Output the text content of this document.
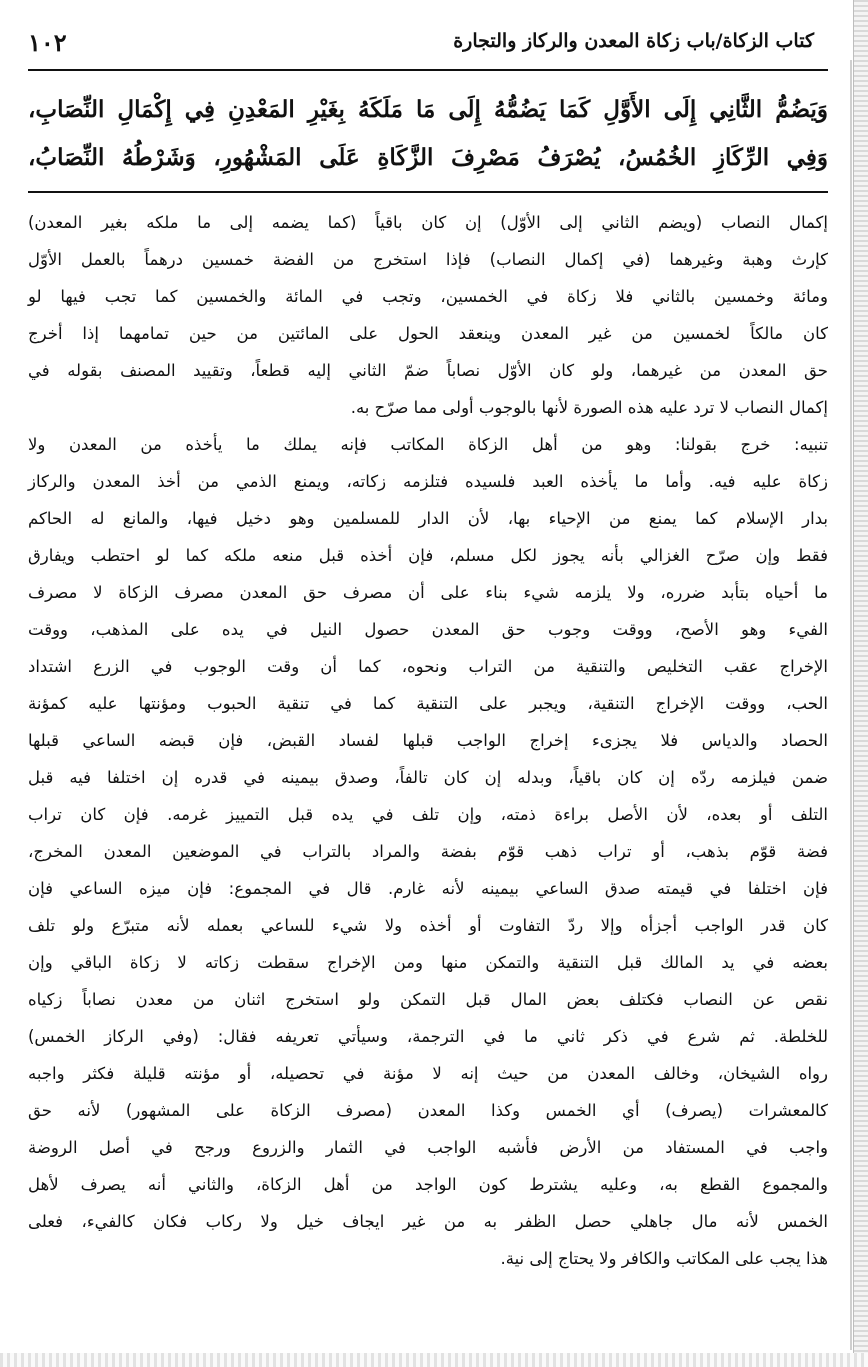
كتاب الزكاة/باب زكاة المعدن والركاز والتجارة
١٠٢
وَيَضُمُّ الثَّانِي إِلَى الأَوَّلِ كَمَا يَضُمُّهُ إِلَى مَا مَلَكَهُ بِغَيْرِ المَعْدِنِ فِي إِكْمَالِ النِّصَابِ،
وَفِي الرِّكَازِ الخُمُسُ، يُصْرَفُ مَصْرِفَ الزَّكَاةِ عَلَى المَشْهُورِ، وَشَرْطُهُ النِّصَابُ،
إكمال النصاب (ويضم الثاني إلى الأوّل) إن كان باقياً (كما يضمه إلى ما ملكه بغير المعدن)
كإرث وهبة وغيرهما (في إكمال النصاب) فإذا استخرج من الفضة خمسين درهماً بالعمل الأوّل
ومائة وخمسين بالثاني فلا زكاة في الخمسين، وتجب في المائة والخمسين كما تجب فيها لو
كان مالكاً لخمسين من غير المعدن وينعقد الحول على المائتين من حين تمامهما إذا أخرج
حق المعدن من غيرهما، ولو كان الأوّل نصاباً ضمّ الثاني إليه قطعاً، وتقييد المصنف بقوله في
إكمال النصاب لا ترد عليه هذه الصورة لأنها بالوجوب أولى مما صرّح به.
تنبيه: خرج بقولنا: وهو من أهل الزكاة المكاتب فإنه يملك ما يأخذه من المعدن ولا
زكاة عليه فيه. وأما ما يأخذه العبد فلسيده فتلزمه زكاته، ويمنع الذمي من أخذ المعدن والركاز
بدار الإسلام كما يمنع من الإحياء بها، لأن الدار للمسلمين وهو دخيل فيها، والمانع له الحاكم
فقط وإن صرّح الغزالي بأنه يجوز لكل مسلم، فإن أخذه قبل منعه ملكه كما لو احتطب ويفارق
ما أحياه بتأبد ضرره، ولا يلزمه شيء بناء على أن مصرف حق المعدن مصرف الزكاة لا مصرف
الفيء وهو الأصح، ووقت وجوب حق المعدن حصول النيل في يده على المذهب، ووقت
الإخراج عقب التخليص والتنقية من التراب ونحوه، كما أن وقت الوجوب في الزرع اشتداد
الحب، ووقت الإخراج التنقية، ويجبر على التنقية كما في تنقية الحبوب ومؤنتها عليه كمؤنة
الحصاد والدياس فلا يجزىء إخراج الواجب قبلها لفساد القبض، فإن قبضه الساعي قبلها
ضمن فيلزمه ردّه إن كان باقياً، وبدله إن كان تالفاً، وصدق بيمينه في قدره إن اختلفا فيه قبل
التلف أو بعده، لأن الأصل براءة ذمته، وإن تلف في يده قبل التمييز غرمه. فإن كان تراب
فضة قوّم بذهب، أو تراب ذهب قوّم بفضة والمراد بالتراب في الموضعين المعدن المخرج،
فإن اختلفا في قيمته صدق الساعي بيمينه لأنه غارم. قال في المجموع: فإن ميزه الساعي فإن
كان قدر الواجب أجزأه وإلا ردّ التفاوت أو أخذه ولا شيء للساعي بعمله لأنه متبرّع ولو تلف
بعضه في يد المالك قبل التنقية والتمكن منها ومن الإخراج سقطت زكاته لا زكاة الباقي وإن
نقص عن النصاب فكتلف بعض المال قبل التمكن ولو استخرج اثنان من معدن نصاباً زكياه
للخلطة. ثم شرع في ذكر ثاني ما في الترجمة، وسيأتي تعريفه فقال: (وفي الركاز الخمس)
رواه الشيخان، وخالف المعدن من حيث إنه لا مؤنة في تحصيله، أو مؤنته قليلة فكثر واجبه
كالمعشرات (يصرف) أي الخمس وكذا المعدن (مصرف الزكاة على المشهور) لأنه حق
واجب في المستفاد من الأرض فأشبه الواجب في الثمار والزروع ورجح في أصل الروضة
والمجموع القطع به، وعليه يشترط كون الواجد من أهل الزكاة، والثاني أنه يصرف لأهل
الخمس لأنه مال جاهلي حصل الظفر به من غير ايجاف خيل ولا ركاب فكان كالفيء، فعلى
هذا يجب على المكاتب والكافر ولا يحتاج إلى نية.
